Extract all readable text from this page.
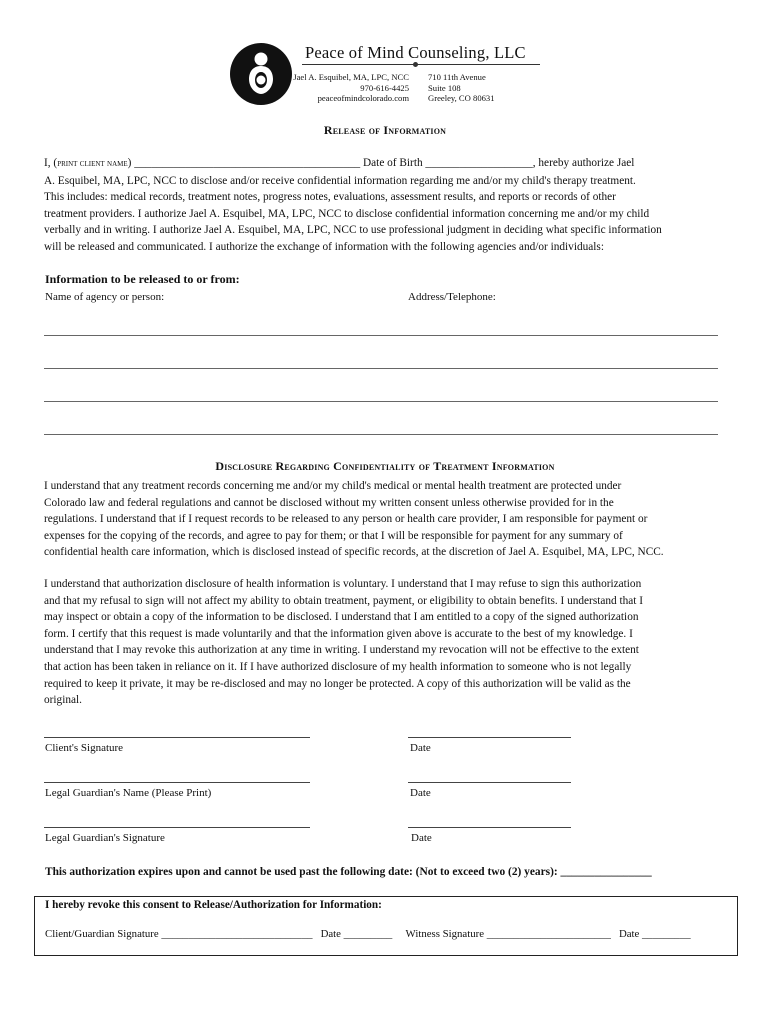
Peace of Mind Counseling, LLC
Jael A. Esquibel, MA, LPC, NCC
970-616-4425
peaceofmindcolorado.com
710 11th Avenue
Suite 108
Greeley, CO 80631
Release of Information
I, (print client name) ________________________________________ Date of Birth ___________________, hereby authorize Jael
A. Esquibel, MA, LPC, NCC to disclose and/or receive confidential information regarding me and/or my child's therapy treatment.
This includes: medical records, treatment notes, progress notes, evaluations, assessment results, and reports or records of other
treatment providers. I authorize Jael A. Esquibel, MA, LPC, NCC to disclose confidential information concerning me and/or my child
verbally and in writing. I authorize Jael A. Esquibel, MA, LPC, NCC to use professional judgment in deciding what specific information
will be released and communicated. I authorize the exchange of information with the following agencies and/or individuals:
Information to be released to or from:
Name of agency or person:	Address/Telephone:
Disclosure Regarding Confidentiality of Treatment Information
I understand that any treatment records concerning me and/or my child's medical or mental health treatment are protected under
Colorado law and federal regulations and cannot be disclosed without my written consent unless otherwise provided for in the
regulations. I understand that if I request records to be released to any person or health care provider, I am responsible for payment or
expenses for the copying of the records, and agree to pay for them; or that I will be responsible for payment for any summary of
confidential health care information, which is disclosed instead of specific records, at the discretion of Jael A. Esquibel, MA, LPC, NCC.
I understand that authorization disclosure of health information is voluntary. I understand that I may refuse to sign this authorization
and that my refusal to sign will not affect my ability to obtain treatment, payment, or eligibility to obtain benefits. I understand that I
may inspect or obtain a copy of the information to be disclosed. I understand that I am entitled to a copy of the signed authorization
form. I certify that this request is made voluntarily and that the information given above is accurate to the best of my knowledge. I
understand that I may revoke this authorization at any time in writing. I understand my revocation will not be effective to the extent
that action has been taken in reliance on it. If I have authorized disclosure of my health information to someone who is not legally
required to keep it private, it may be re-disclosed and may no longer be protected. A copy of this authorization will be valid as the
original.
Client's Signature	Date
Legal Guardian's Name (Please Print)	Date
Legal Guardian's Signature	Date
This authorization expires upon and cannot be used past the following date: (Not to exceed two (2) years): ________________
I hereby revoke this consent to Release/Authorization for Information:
Client/Guardian Signature ____________________________   Date _________     Witness Signature _______________________   Date _________
